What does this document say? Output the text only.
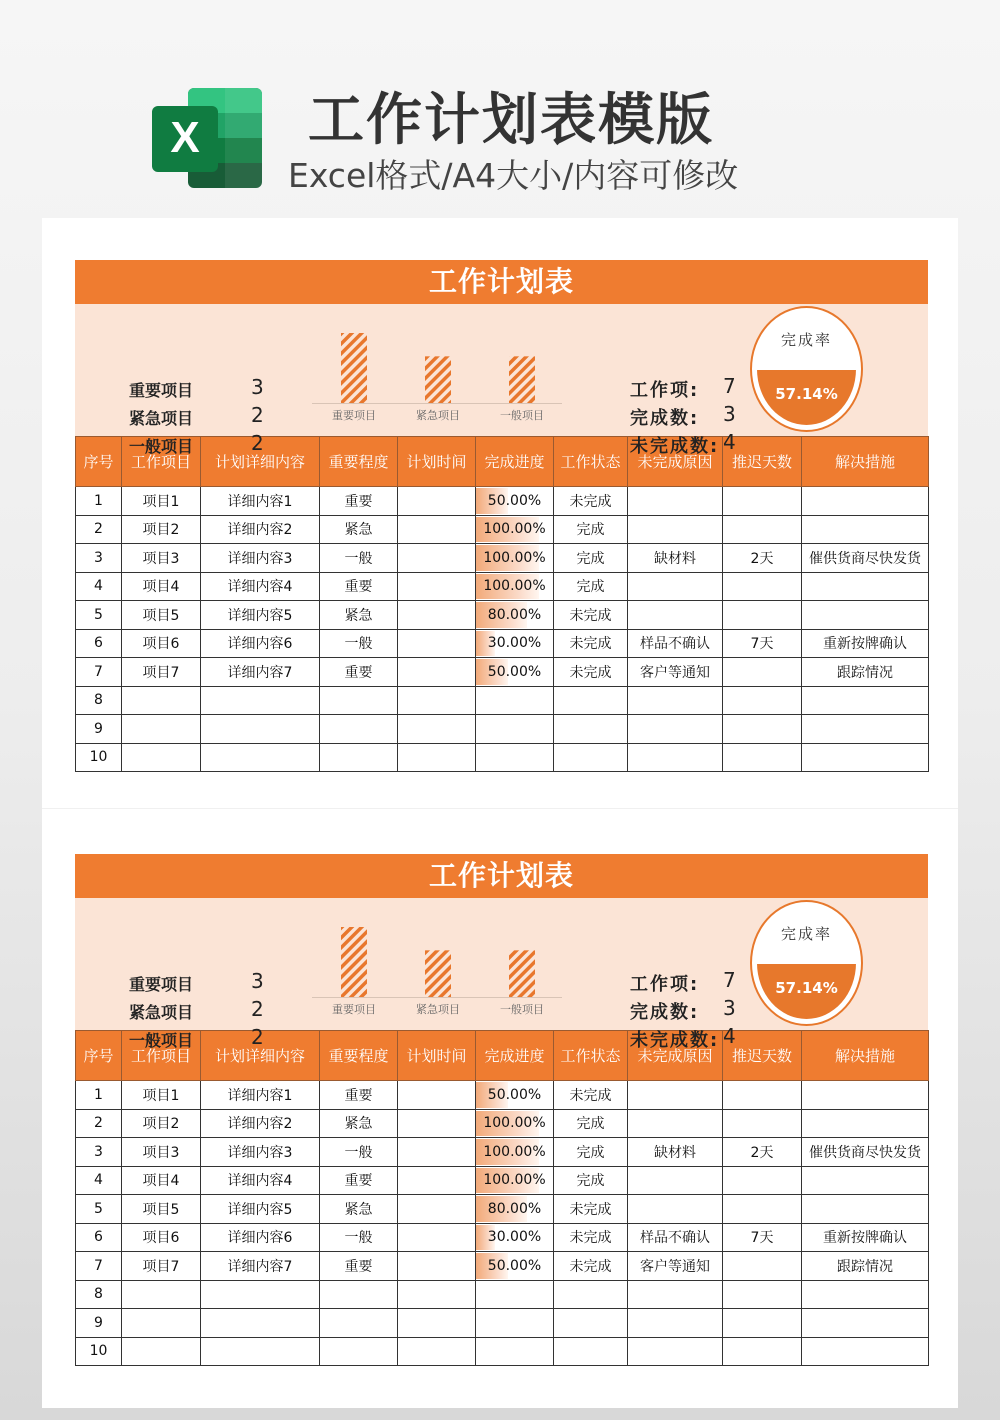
X 工作计划表模版
Excel格式/A4大小/内容可修改
工作计划表
重要项目	3
紧急项目	2
一般项目	2
重要项目	紧急项目	一般项目
工作项: 7
完成数: 3
未完成数: 4
完成率
57.14%
序号	工作项目	计划详细内容	重要程度	计划时间	完成进度	工作状态	未完成原因	推迟天数	解决措施
1	项目1	详细内容1	重要		50.00%	未完成			
2	项目2	详细内容2	紧急		100.00%	完成			
3	项目3	详细内容3	一般		100.00%	完成	缺材料	2天	催供货商尽快发货
4	项目4	详细内容4	重要		100.00%	完成			
5	项目5	详细内容5	紧急		80.00%	未完成			
6	项目6	详细内容6	一般		30.00%	未完成	样品不确认	7天	重新按牌确认
7	项目7	详细内容7	重要		50.00%	未完成	客户等通知		跟踪情况
8					

9					

10					

工作计划表
重要项目	3
紧急项目	2
一般项目	2
重要项目	紧急项目	一般项目
工作项: 7
完成数: 3
未完成数: 4
完成率
57.14%
序号	工作项目	计划详细内容	重要程度	计划时间	完成进度	工作状态	未完成原因	推迟天数	解决措施
1	项目1	详细内容1	重要		50.00%	未完成			
2	项目2	详细内容2	紧急		100.00%	完成			
3	项目3	详细内容3	一般		100.00%	完成	缺材料	2天	催供货商尽快发货
4	项目4	详细内容4	重要		100.00%	完成			
5	项目5	详细内容5	紧急		80.00%	未完成			
6	项目6	详细内容6	一般		30.00%	未完成	样品不确认	7天	重新按牌确认
7	项目7	详细内容7	重要		50.00%	未完成	客户等通知		跟踪情况
8					

9					

10					
